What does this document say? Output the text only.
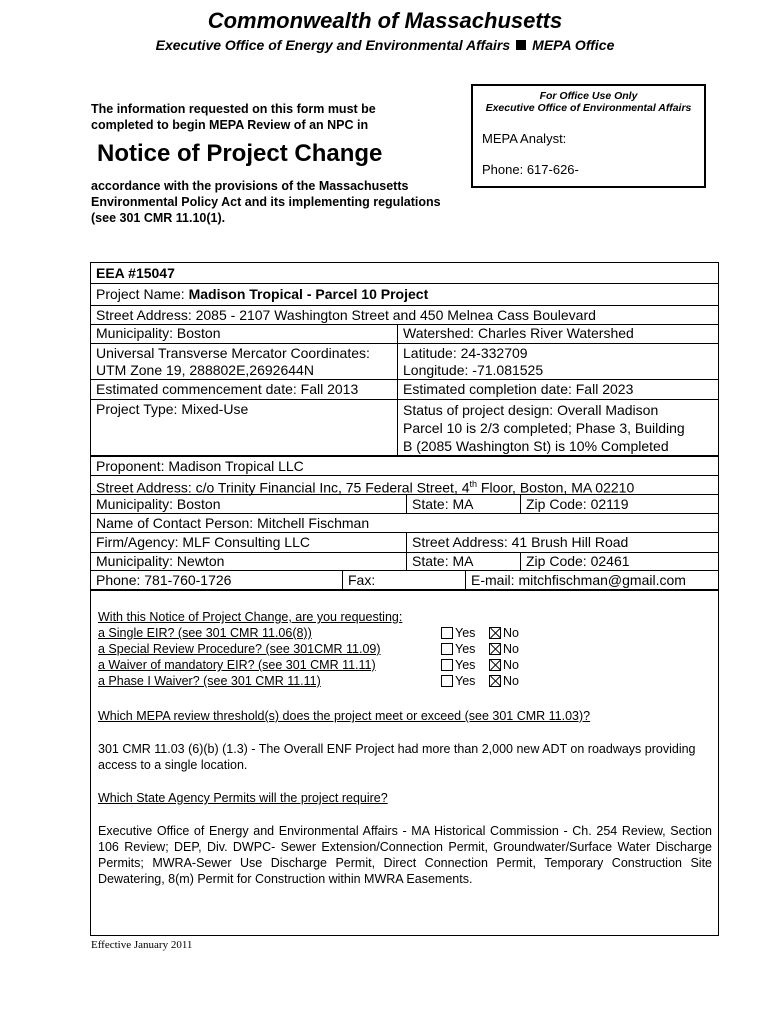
Commonwealth of Massachusetts
Executive Office of Energy and Environmental Affairs MEPA Office
The information requested on this form must be completed to begin MEPA Review of an NPC in
Notice of Project Change
accordance with the provisions of the Massachusetts Environmental Policy Act and its implementing regulations
(see 301 CMR 11.10(1).
For Office Use Only
Executive Office of Environmental Affairs
MEPA Analyst:
Phone: 617-626-
EEA #15047
Project Name: Madison Tropical - Parcel 10 Project
Street Address: 2085 - 2107 Washington Street and 450 Melnea Cass Boulevard
Municipality: Boston	Watershed: Charles River Watershed
Universal Transverse Mercator Coordinates:
UTM Zone 19, 288802E,2692644N
Latitude: 24-332709
Longitude: -71.081525
Estimated commencement date: Fall 2013	Estimated completion date: Fall 2023
Project Type: Mixed-Use	Status of project design: Overall Madison
Parcel 10 is 2/3 completed; Phase 3, Building
B (2085 Washington St) is 10% Completed
Proponent: Madison Tropical LLC
Street Address: c/o Trinity Financial Inc, 75 Federal Street, 4th Floor, Boston, MA 02210
Municipality: Boston	State: MA	Zip Code: 02119
Name of Contact Person: Mitchell Fischman
Firm/Agency: MLF Consulting LLC	Street Address: 41 Brush Hill Road
Municipality: Newton	State: MA	Zip Code: 02461
Phone: 781-760-1726	Fax:	E-mail: mitchfischman@gmail.com
With this Notice of Project Change, are you requesting:
a Single EIR? (see 301 CMR 11.06(8))	Yes No
a Special Review Procedure? (see 301CMR 11.09)	Yes No
a Waiver of mandatory EIR? (see 301 CMR 11.11)	Yes No
a Phase I Waiver? (see 301 CMR 11.11)	Yes No
Which MEPA review threshold(s) does the project meet or exceed (see 301 CMR 11.03)?
301 CMR 11.03 (6)(b) (1.3) - The Overall ENF Project had more than 2,000 new ADT on roadways providing access to a single location.
Which State Agency Permits will the project require?
Executive Office of Energy and Environmental Affairs - MA Historical Commission - Ch. 254 Review, Section 106 Review; DEP, Div. DWPC- Sewer Extension/Connection Permit, Groundwater/Surface Water Discharge Permits; MWRA-Sewer Use Discharge Permit, Direct Connection Permit, Temporary Construction Site Dewatering, 8(m) Permit for Construction within MWRA Easements.
Effective January 2011
